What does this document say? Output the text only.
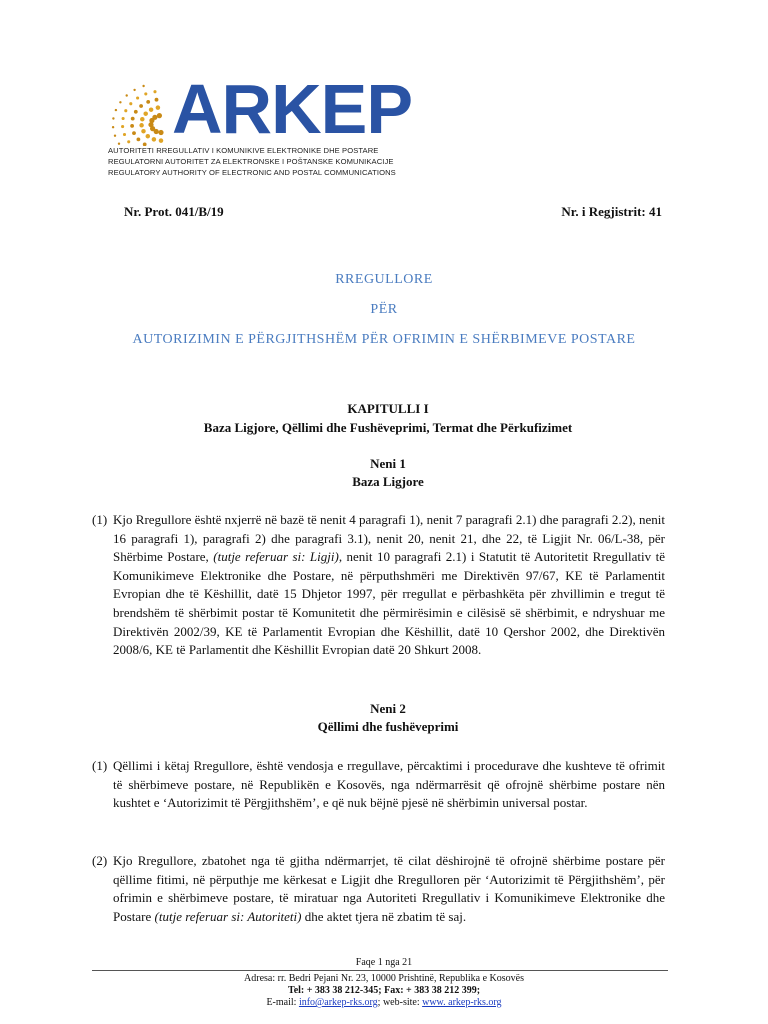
ARKEP
AUTORITETI RREGULLATIV I KOMUNIKIVE ELEKTRONIKE DHE POSTARE
REGULATORNI AUTORITET ZA ELEKTRONSKE I POŠTANSKE KOMUNIKACIJE
REGULATORY AUTHORITY OF ELECTRONIC AND POSTAL COMMUNICATIONS
Nr. Prot. 041/B/19	Nr. i Regjistrit: 41
RREGULLORE
PËR
AUTORIZIMIN E PËRGJITHSHËM PËR OFRIMIN E SHËRBIMEVE POSTARE
KAPITULLI I
Baza Ligjore, Qëllimi dhe Fushëveprimi, Termat dhe Përkufizimet
Neni 1
Baza Ligjore
(1) Kjo Rregullore është nxjerrë në bazë të nenit 4 paragrafi 1), nenit 7 paragrafi 2.1) dhe paragrafi 2.2), nenit 16 paragrafi 1), paragrafi 2) dhe paragrafi 3.1), nenit 20, nenit 21, dhe 22, të Ligjit Nr. 06/L-38, për Shërbime Postare, (tutje referuar si: Ligji), nenit 10 paragrafi 2.1) i Statutit të Autoritetit Rregullativ të Komunikimeve Elektronike dhe Postare, në përputhshmëri me Direktivën 97/67, KE të Parlamentit Evropian dhe të Këshillit, datë 15 Dhjetor 1997, për rregullat e përbashkëta për zhvillimin e tregut të brendshëm të shërbimit postar të Komunitetit dhe përmirësimin e cilësisë së shërbimit, e ndryshuar me Direktivën 2002/39, KE të Parlamentit Evropian dhe Këshillit, datë 10 Qershor 2002, dhe Direktivën 2008/6, KE të Parlamentit dhe Këshillit Evropian datë 20 Shkurt 2008.
Neni 2
Qëllimi dhe fushëveprimi
(1) Qëllimi i këtaj Rregullore, është vendosja e rregullave, përcaktimi i procedurave dhe kushteve të ofrimit të shërbimeve postare, në Republikën e Kosovës, nga ndërmarrësit që ofrojnë shërbime postare nën kushtet e ‘Autorizimit të Përgjithshëm’, e që nuk bëjnë pjesë në shërbimin universal postar.
(2) Kjo Rregullore, zbatohet nga të gjitha ndërmarrjet, të cilat dëshirojnë të ofrojnë shërbime postare për qëllime fitimi, në përputhje me kërkesat e Ligjit dhe Rregulloren për ‘Autorizimit të Përgjithshëm’, për ofrimin e shërbimeve postare, të miratuar nga Autoriteti Rregullativ i Komunikimeve Elektronike dhe Postare (tutje referuar si: Autoriteti) dhe aktet tjera në zbatim të saj.
Faqe 1 nga 21
Adresa: rr. Bedri Pejani Nr. 23, 10000 Prishtinë, Republika e Kosovës
Tel: + 383 38 212-345; Fax: + 383 38 212 399;
E-mail: info@arkep-rks.org; web-site: www. arkep-rks.org
